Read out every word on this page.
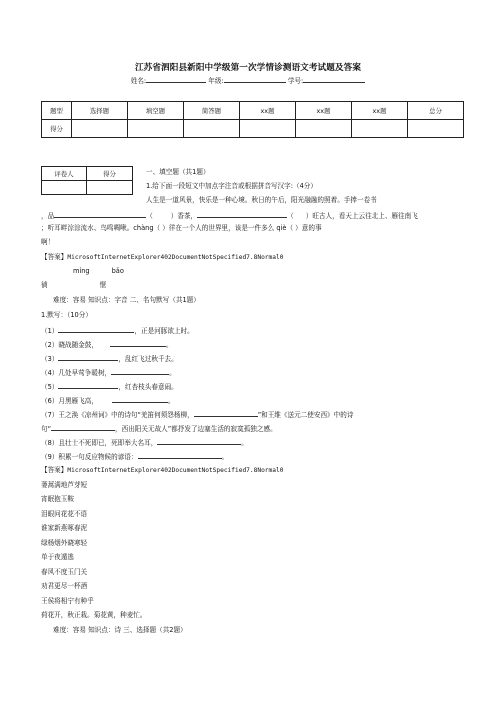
江苏省泗阳县新阳中学级第一次学情诊测语文考试题及答案
姓名:	年级:	学号:
题型	选择题	填空题	简答题	xx题	xx题	xx题	总分
得分							
评卷人	得分
		一、填空题（共1题）
1.给下面一段短文中加点字注音或根据拼音写汉字:（4分）
人生是一道风景，快乐是一种心境。秋日的午后，阳光融融的照着。手捧一卷书
，品	（	）香茶，	（ ）旺古人，看天上云往北上、雁往南飞
；听耳畔淙淙流水、鸟鸣啁啾。chàng（ ）徉在一个人的世界里，该是一件多么 qiè（ ）意的事
啊！
【答案】MicrosoftInternetExplorer402DocumentNotSpecified7.8Normal0
míng	bǎo
徜	惬
难度：容易 知识点：字音 二、名句默写（共1题）
1.默写：（10分）
（1）	，正是河豚欲上时。
（2）晓战随金鼓，	。
（3）	，乱红飞过秋千去。
（4）几处早莺争暖树，	。
（5）	，红杏枝头春意闹。
（6）月黑雁飞高，	。
（7）王之涣《凉州词》中的诗句“羌笛何须怨杨柳，	”和王维《送元二使安西》中的诗
句“	，西出阳关无故人”都抒发了边塞生活的寂寞孤独之感。
（8）且壮士不死即已，死即举大名耳，	。
（9）积累一句反应物候的谚语：	。
【答案】MicrosoftInternetExplorer402DocumentNotSpecified7.8Normal0
蒌蒿满地芦芽短
宵眠抱玉鞍
泪眼问花花不语
谁家新燕啄春泥
绿杨烟外晓寒轻
单于夜遁逃
春风不度玉门关
劝君更尽一杯酒
王侯将相宁有种乎
荷花开，秋正栽。菊花黄，种麦忙。
难度：容易 知识点：诗 三、选择题（共2题）
